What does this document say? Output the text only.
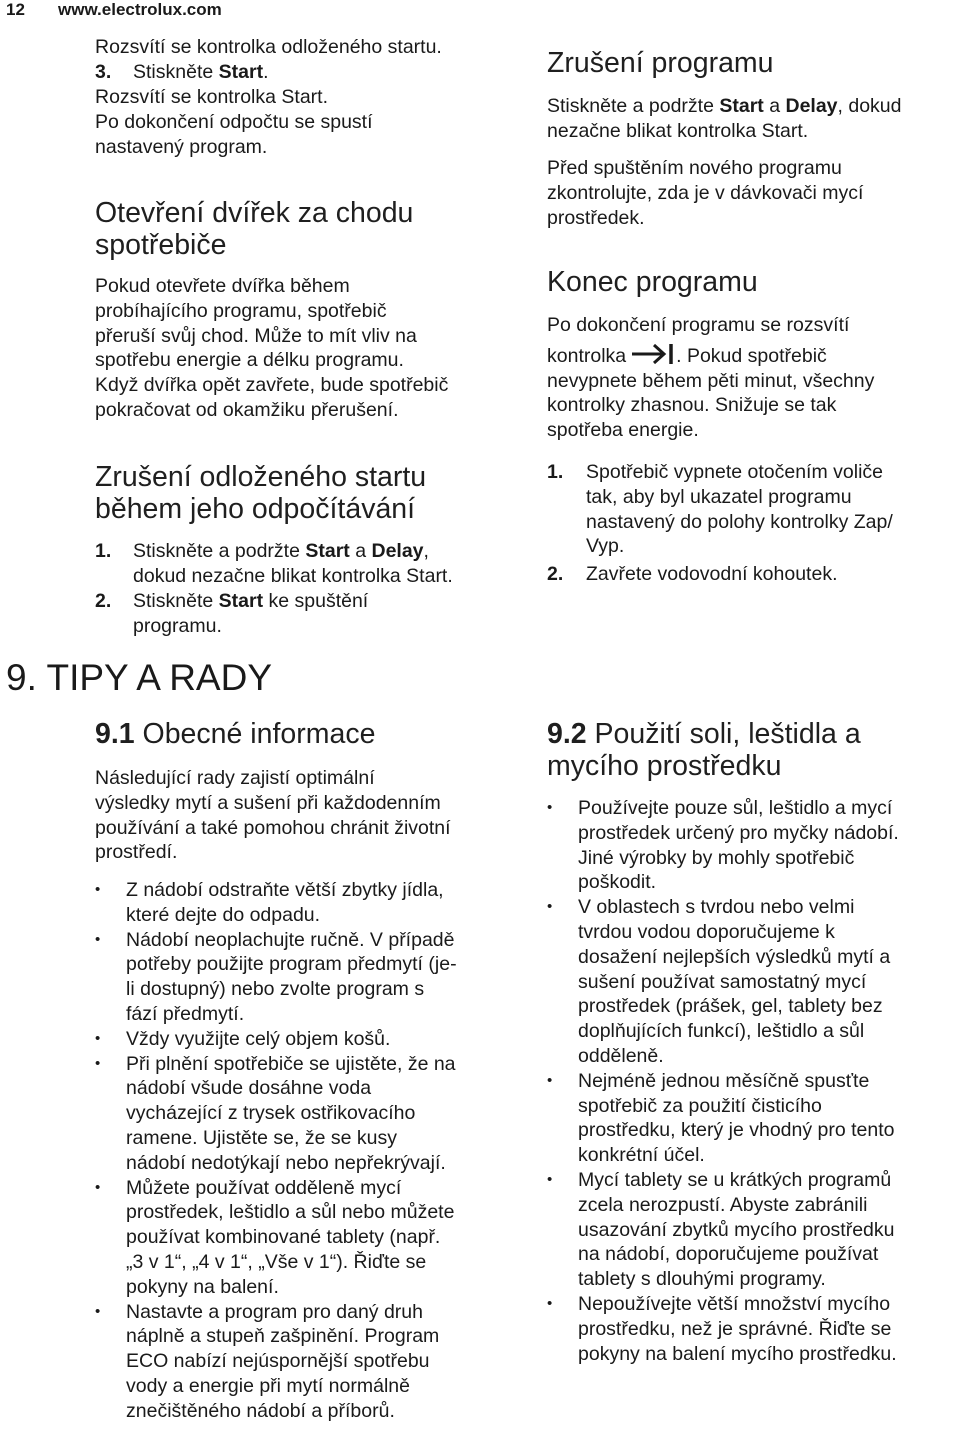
12 www.electrolux.com
Rozsvítí se kontrolka odloženého startu.
3. Stiskněte Start.
Rozsvítí se kontrolka Start.
Po dokončení odpočtu se spustí
nastavený program.
Otevření dvířek za chodu
spotřebiče
Pokud otevřete dvířka během
probíhajícího programu, spotřebič
přeruší svůj chod. Může to mít vliv na
spotřebu energie a délku programu.
Když dvířka opět zavřete, bude spotřebič
pokračovat od okamžiku přerušení.
Zrušení odloženého startu
během jeho odpočítávání
1. Stiskněte a podržte Start a Delay,
dokud nezačne blikat kontrolka Start.
2. Stiskněte Start ke spuštění
programu.
Zrušení programu
Stiskněte a podržte Start a Delay, dokud
nezačne blikat kontrolka Start.
Před spuštěním nového programu
zkontrolujte, zda je v dávkovači mycí
prostředek.
Konec programu
Po dokončení programu se rozsvítí
kontrolka	. Pokud spotřebič
nevypnete během pěti minut, všechny
kontrolky zhasnou. Snižuje se tak
spotřeba energie.
1. Spotřebič vypnete otočením voliče
tak, aby byl ukazatel programu
nastavený do polohy kontrolky Zap/
Vyp.
2. Zavřete vodovodní kohoutek.
9. TIPY A RADY
9.1 Obecné informace
Následující rady zajistí optimální
výsledky mytí a sušení při každodenním
používání a také pomohou chránit životní
prostředí.
• Z nádobí odstraňte větší zbytky jídla,
které dejte do odpadu.
• Nádobí neoplachujte ručně. V případě
potřeby použijte program předmytí (je-
li dostupný) nebo zvolte program s
fází předmytí.
• Vždy využijte celý objem košů.
• Při plnění spotřebiče se ujistěte, že na
nádobí všude dosáhne voda
vycházející z trysek ostřikovacího
ramene. Ujistěte se, že se kusy
nádobí nedotýkají nebo nepřekrývají.
• Můžete používat odděleně mycí
prostředek, leštidlo a sůl nebo můžete
používat kombinované tablety (např.
„3 v 1“, „4 v 1“, „Vše v 1“). Řiďte se
pokyny na balení.
• Nastavte a program pro daný druh
náplně a stupeň zašpinění. Program
ECO nabízí nejúspornější spotřebu
vody a energie při mytí normálně
znečištěného nádobí a příborů.
9.2 Použití soli, leštidla a
mycího prostředku
• Používejte pouze sůl, leštidlo a mycí
prostředek určený pro myčky nádobí.
Jiné výrobky by mohly spotřebič
poškodit.
• V oblastech s tvrdou nebo velmi
tvrdou vodou doporučujeme k
dosažení nejlepších výsledků mytí a
sušení používat samostatný mycí
prostředek (prášek, gel, tablety bez
doplňujících funkcí), leštidlo a sůl
odděleně.
• Nejméně jednou měsíčně spusťte
spotřebič za použití čisticího
prostředku, který je vhodný pro tento
konkrétní účel.
• Mycí tablety se u krátkých programů
zcela nerozpustí. Abyste zabránili
usazování zbytků mycího prostředku
na nádobí, doporučujeme používat
tablety s dlouhými programy.
• Nepoužívejte větší množství mycího
prostředku, než je správné. Řiďte se
pokyny na balení mycího prostředku.
